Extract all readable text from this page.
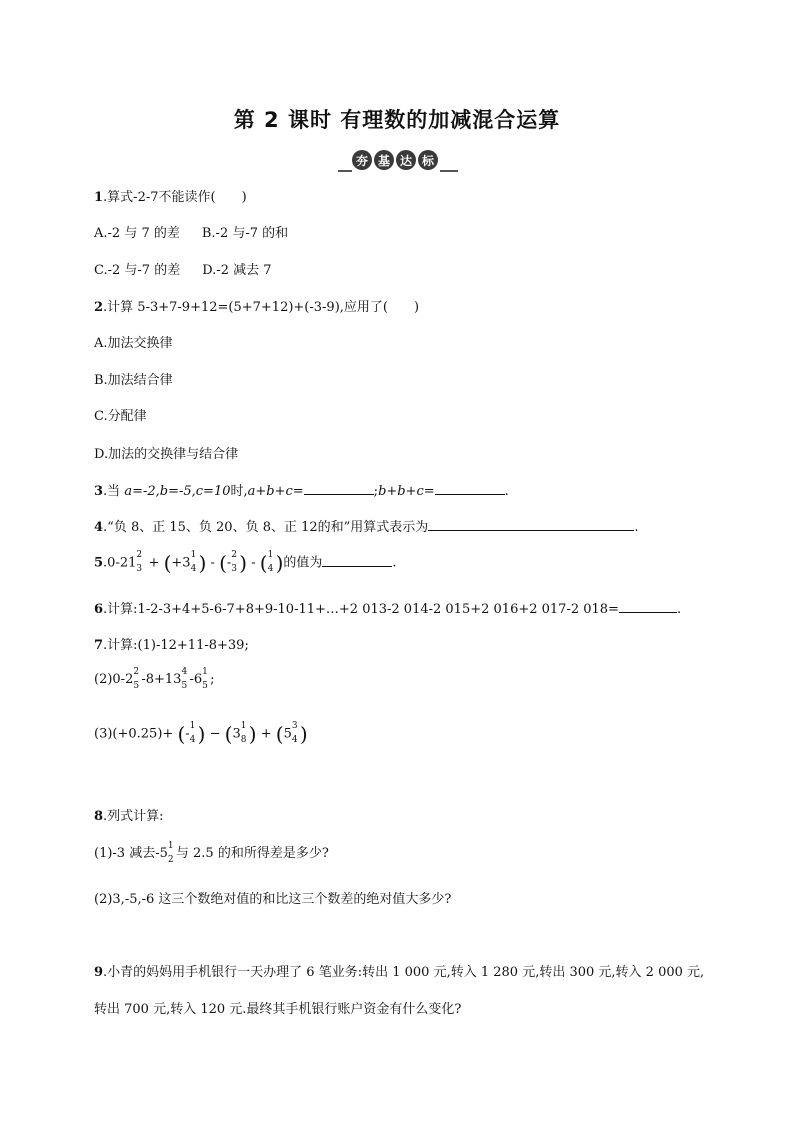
第 2 课时 有理数的加减混合运算
夯 基 达 标
1.算式-2-7不能读作(　　)
A.-2 与 7 的差 B.-2 与-7 的和
C.-2 与-7 的差 D.-2 减去 7
2.计算 5-3+7-9+12=(5+7+12)+(-3-9),应用了(　　)
A.加法交换律
B.加法结合律
C.分配律
D.加法的交换律与结合律
3.当 a=-2,b=-5,c=10时,a+b+c=	;b+b+c=	.
4.“负 8、正 15、负 20、负 8、正 12的和”用算式表示为	.
5.0-21
2
3 + (+3
1
4 ) - (-
2
3 ) - ( 1
4 )的值为	.
6.计算:1-2-3+4+5-6-7+8+9-10-11+…+2 013-2 014-2 015+2 016+2 017-2 018=	.
7.计算:(1)-12+11-8+39;
(2)0-2
2
5 -8+13
4
5 -6
1
5 ;
(3)(+0.25)+ (-
1
4 ) − (3
1
8 ) + (5
3
4 )
8.列式计算:
(1)-3 减去-5
1
2 与 2.5 的和所得差是多少?
(2)3,-5,-6 这三个数绝对值的和比这三个数差的绝对值大多少?
9.小青的妈妈用手机银行一天办理了 6 笔业务:转出 1 000 元,转入 1 280 元,转出 300 元,转入 2 000 元,
转出 700 元,转入 120 元.最终其手机银行账户资金有什么变化?
